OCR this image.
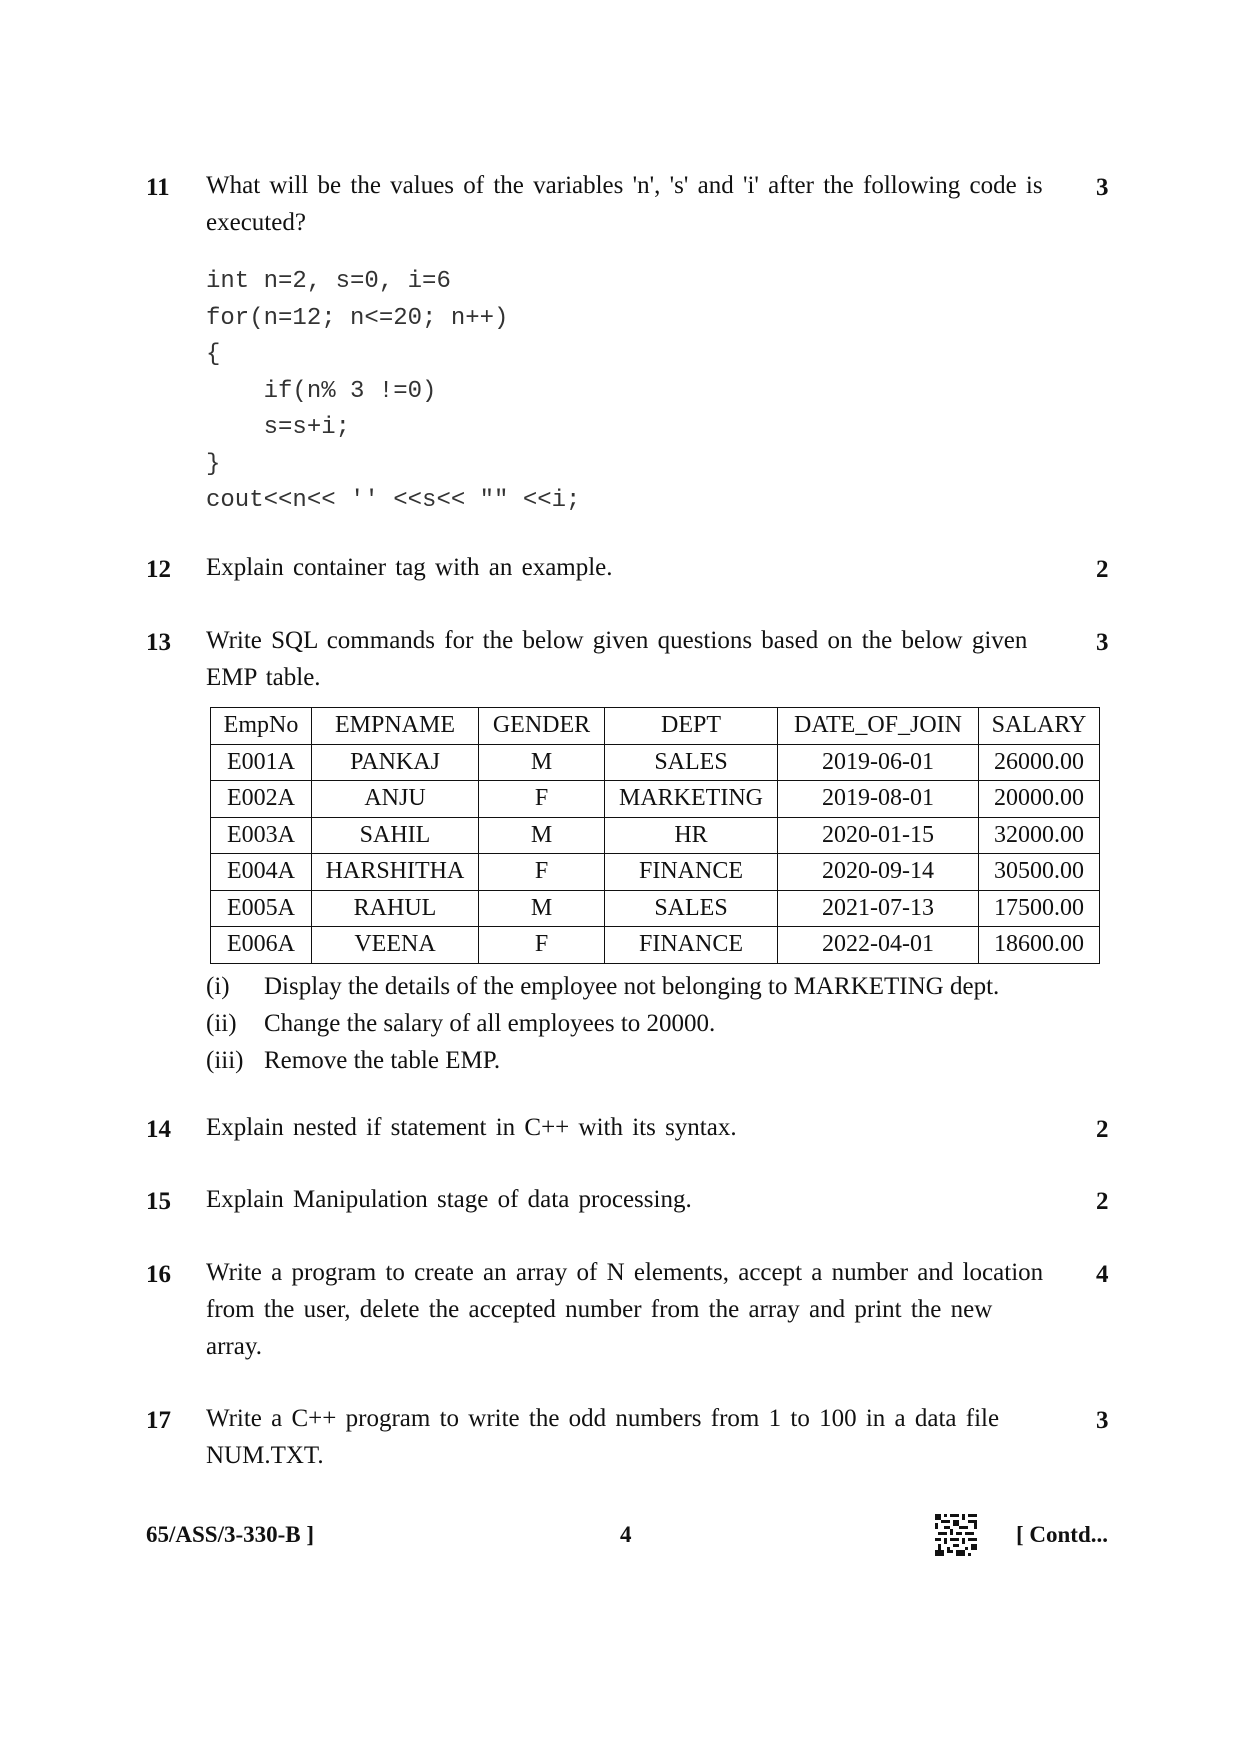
11 What will be the values of the variables 'n', 's' and 'i' after the following code is executed?
3
int n=2, s=0, i=6
for(n=12; n<=20; n++)
{
if(n% 3 !=0)
s=s+i;
}
cout<<n<< '' <<s<< "" <<i;
12 Explain container tag with an example.	2
13 Write SQL commands for the below given questions based on the below given EMP table.
3
EmpNo	EMPNAME	GENDER	DEPT	DATE_OF_JOIN	SALARY
E001A	PANKAJ	M	SALES	2019-06-01	26000.00
E002A	ANJU	F	MARKETING	2019-08-01	20000.00
E003A	SAHIL	M	HR	2020-01-15	32000.00
E004A	HARSHITHA	F	FINANCE	2020-09-14	30500.00
E005A	RAHUL	M	SALES	2021-07-13	17500.00
E006A	VEENA	F	FINANCE	2022-04-01	18600.00
(i)	Display the details of the employee not belonging to MARKETING dept.
(ii)	Change the salary of all employees to 20000.
(iii) Remove the table EMP.
14 Explain nested if statement in C++ with its syntax.	2
15 Explain Manipulation stage of data processing.	2
16 Write a program to create an array of N elements, accept a number and location from the user, delete the accepted number from the array and print the new array.
4
17 Write a C++ program to write the odd numbers from 1 to 100 in a data file NUM.TXT.
3
65/ASS/3-330-B ]	4	[ Contd...
